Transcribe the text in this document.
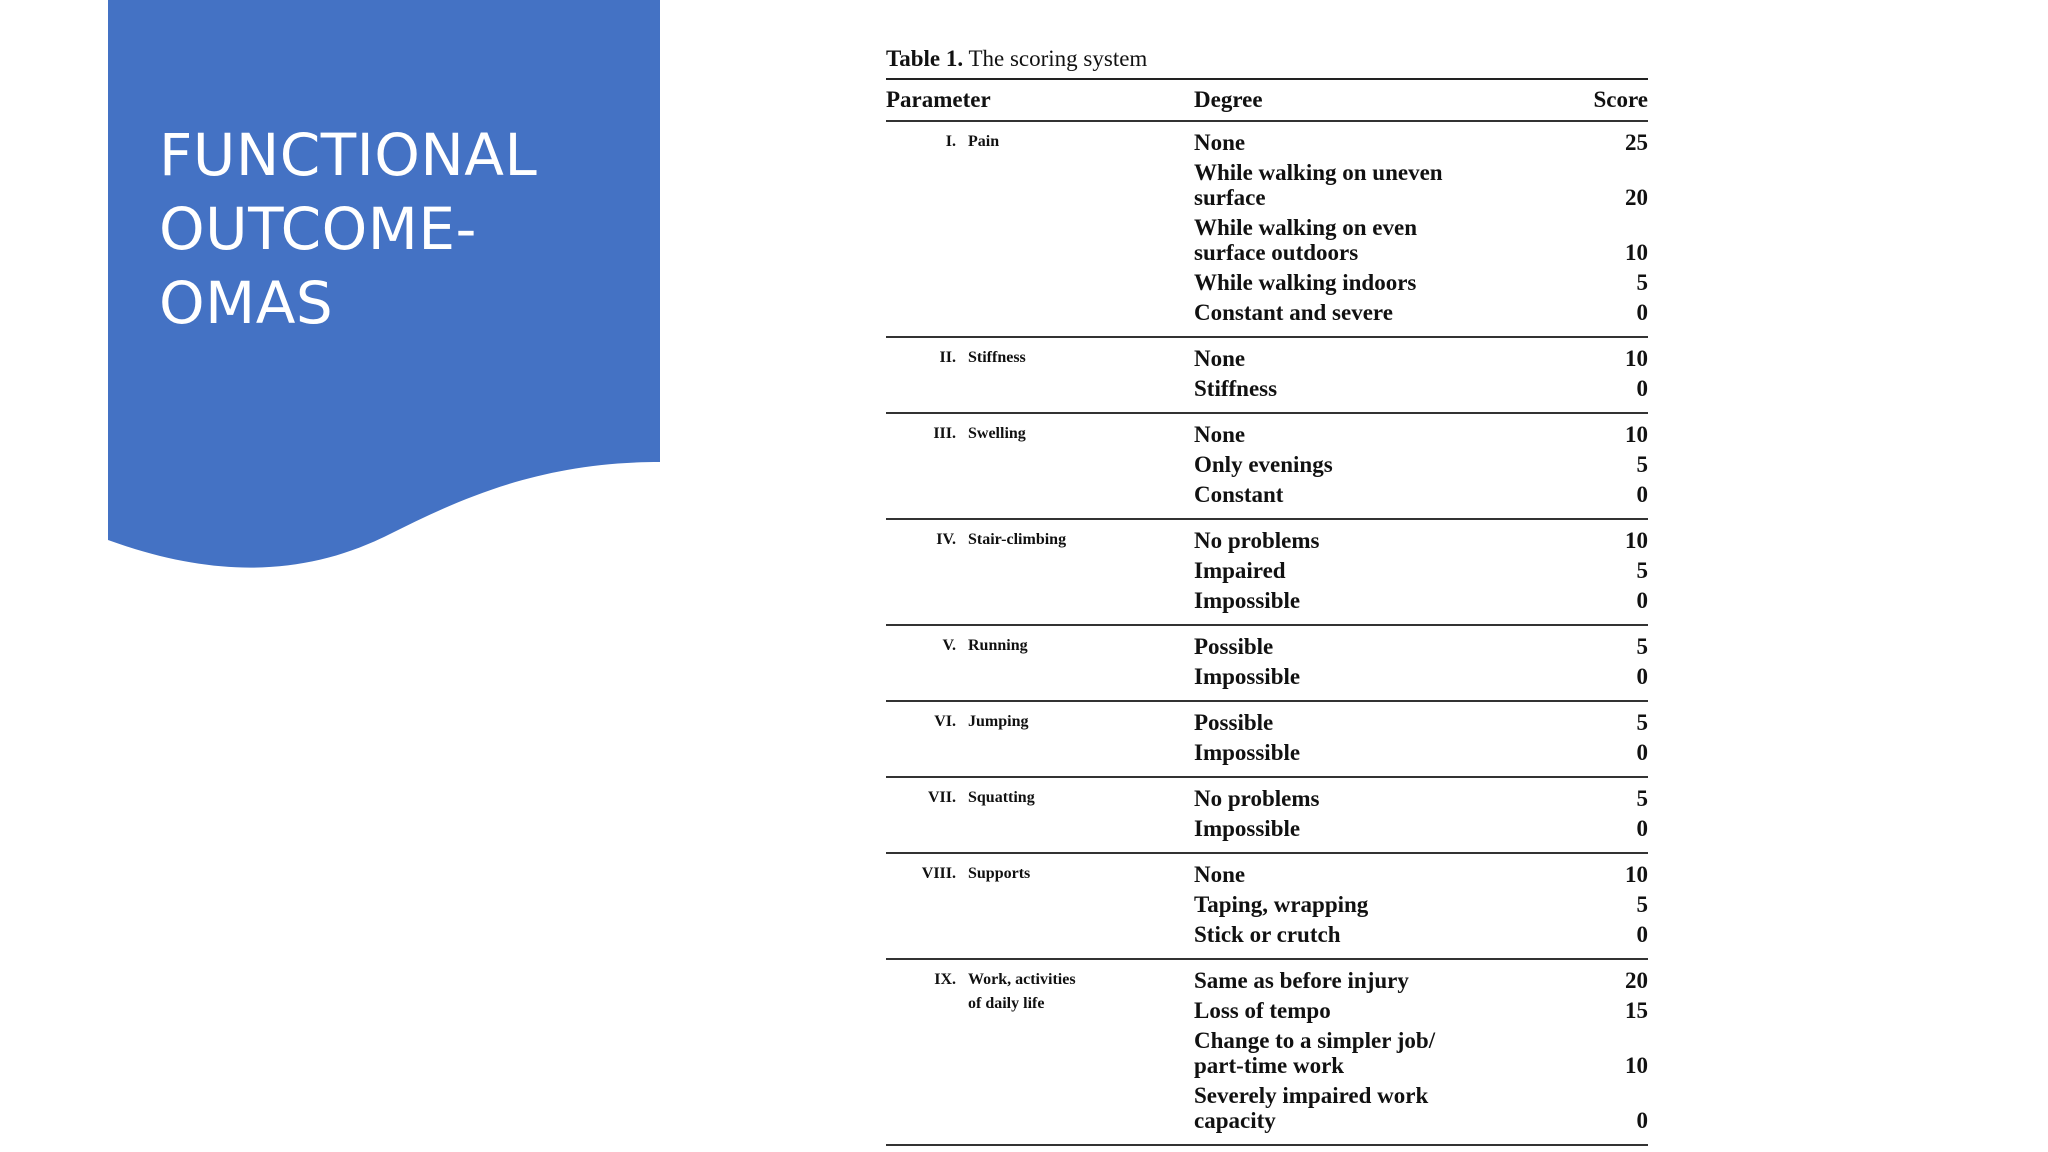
FUNCTIONAL
OUTCOME-
OMAS
Table 1. The scoring system
Parameter	Degree	Score
I. Pain	None	25
While walking on uneven
surface	20
While walking on even
surface outdoors	10
While walking indoors	5
Constant and severe	0
II. Stiffness	None	10
Stiffness	0
III. Swelling	None	10
Only evenings	5
Constant	0
IV. Stair-climbing	No problems	10
Impaired	5
Impossible	0
V. Running	Possible	5
Impossible	0
VI. Jumping	Possible	5
Impossible	0
VII. Squatting	No problems	5
Impossible	0
VIII. Supports	None	10
Taping, wrapping	5
Stick or crutch	0
IX. Work, activities
of daily life
Same as before injury	20
Loss of tempo	15
Change to a simpler job/
part-time work	10
Severely impaired work
capacity	0
